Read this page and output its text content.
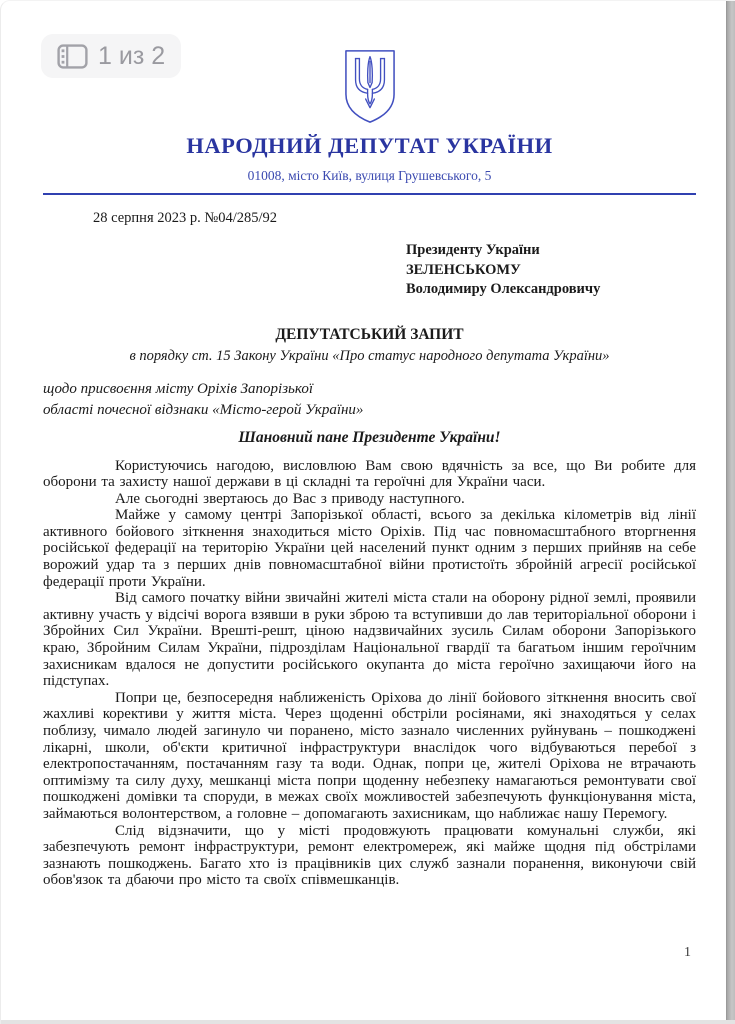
1 из 2
НАРОДНИЙ ДЕПУТАТ УКРАЇНИ
01008, місто Київ, вулиця Грушевського, 5
28 серпня 2023 р. №04/285/92
Президенту України
ЗЕЛЕНСЬКОМУ
Володимиру Олександровичу
ДЕПУТАТСЬКИЙ ЗАПИТ
в порядку ст. 15 Закону України «Про статус народного депутата України»
щодо присвоєння місту Оріхів Запорізької
області почесної відзнаки «Місто-герой України»
Шановний пане Президенте України!

Користуючись нагодою, висловлюю Вам свою вдячність за все, що Ви робите для оборони та захисту нашої держави в ці складні та героїчні для України часи.

Але сьогодні звертаюсь до Вас з приводу наступного.

Майже у самому центрі Запорізької області, всього за декілька кілометрів від лінії активного бойового зіткнення знаходиться місто Оріхів. Під час повномасштабного вторгнення російської федерації на територію України цей населений пункт одним з перших прийняв на себе ворожий удар та з перших днів повномасштабної війни протистоїть збройній агресії російської федерації проти України.

Від самого початку війни звичайні жителі міста стали на оборону рідної землі, проявили активну участь у відсічі ворога взявши в руки зброю та вступивши до лав територіальної оборони і Збройних Сил України. Врешті-решт, ціною надзвичайних зусиль Силам оборони Запорізького краю, Збройним Силам України, підрозділам Національної гвардії та багатьом іншим героїчним захисникам вдалося не допустити російського окупанта до міста героїчно захищаючи його на підступах.

Попри це, безпосередня наближеність Оріхова до лінії бойового зіткнення вносить свої жахливі корективи у життя міста. Через щоденні обстріли росіянами, які знаходяться у селах поблизу, чимало людей загинуло чи поранено, місто зазнало численних руйнувань – пошкоджені лікарні, школи, об'єкти критичної інфраструктури внаслідок чого відбуваються перебої з електропостачанням, постачанням газу та води. Однак, попри це, жителі Оріхова не втрачають оптимізму та силу духу, мешканці міста попри щоденну небезпеку намагаються ремонтувати свої пошкоджені домівки та споруди, в межах своїх можливостей забезпечують функціонування міста, займаються волонтерством, а головне – допомагають захисникам, що наближає нашу Перемогу.

Слід відзначити, що у місті продовжують працювати комунальні служби, які забезпечують ремонт інфраструктури, ремонт електромереж, які майже щодня під обстрілами зазнають пошкоджень. Багато хто із працівників цих служб зазнали поранення, виконуючи свій обов'язок та дбаючи про місто та своїх співмешканців.

1
